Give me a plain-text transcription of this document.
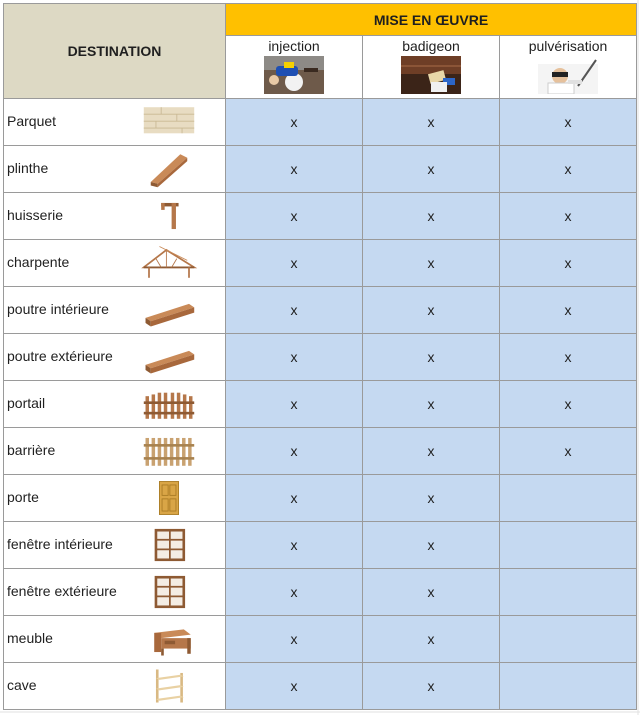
DESTINATION	MISE EN ŒUVRE		

	injection	badigeon	pulvérisation

Parquet	x	x	x

plinthe	x	x	x

huisserie	x	x	x

charpente	x	x	x

poutre intérieure	x	x	x

poutre extérieure	x	x	x

portail	x	x	x

barrière	x	x	x

porte	x	x	

fenêtre intérieure	x	x	

fenêtre extérieure	x	x	

meuble	x	x	

cave	x	x	
